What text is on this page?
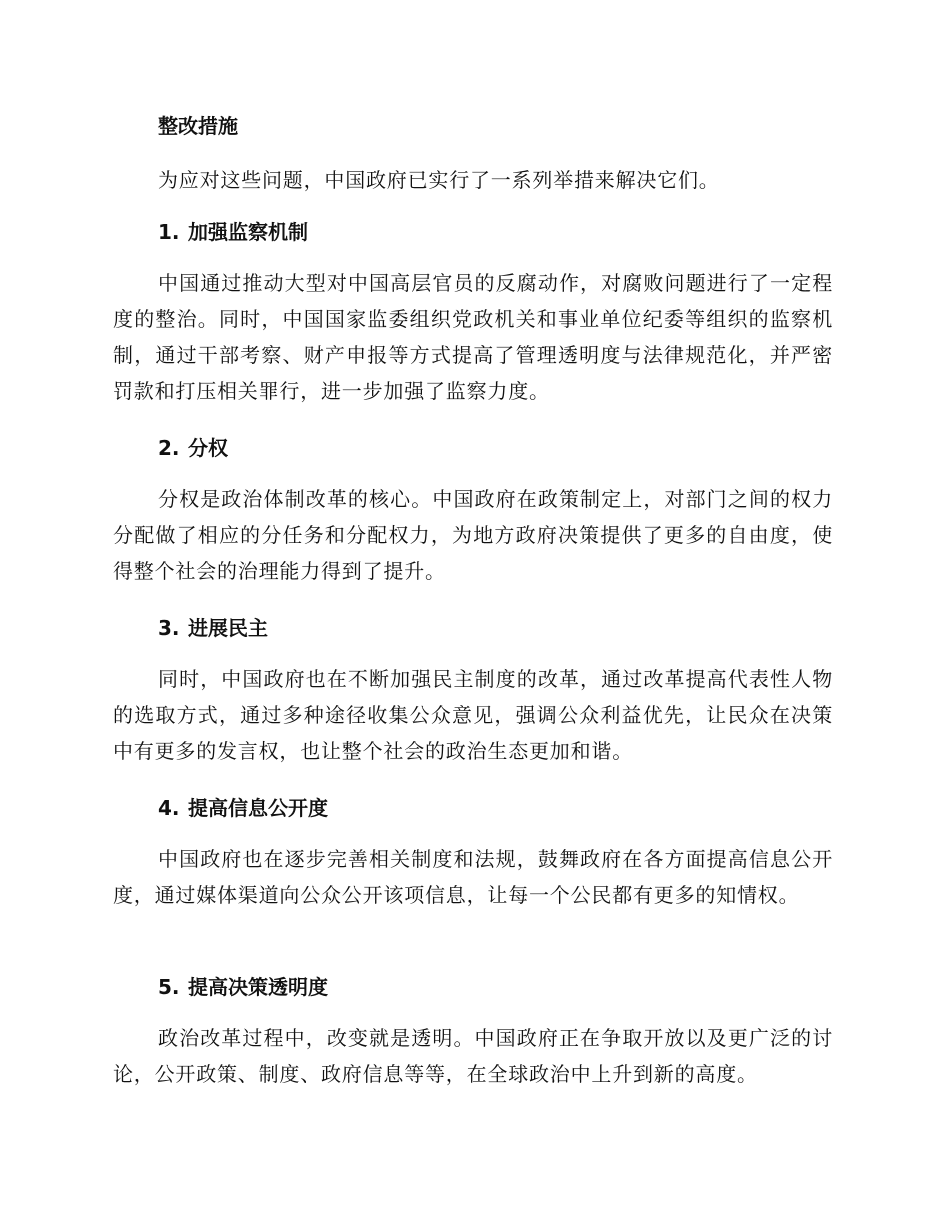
整改措施

为应对这些问题，中国政府已实行了一系列举措来解决它们。

1. 加强监察机制

中国通过推动大型对中国高层官员的反腐动作，对腐败问题进行了一定程度的整治。同时，中国国家监委组织党政机关和事业单位纪委等组织的监察机制，通过干部考察、财产申报等方式提高了管理透明度与法律规范化，并严密罚款和打压相关罪行，进一步加强了监察力度。

2. 分权

分权是政治体制改革的核心。中国政府在政策制定上，对部门之间的权力分配做了相应的分任务和分配权力，为地方政府决策提供了更多的自由度，使得整个社会的治理能力得到了提升。

3. 进展民主

同时，中国政府也在不断加强民主制度的改革，通过改革提高代表性人物的选取方式，通过多种途径收集公众意见，强调公众利益优先，让民众在决策中有更多的发言权，也让整个社会的政治生态更加和谐。

4. 提高信息公开度

中国政府也在逐步完善相关制度和法规，鼓舞政府在各方面提高信息公开度，通过媒体渠道向公众公开该项信息，让每一个公民都有更多的知情权。

5. 提高决策透明度

政治改革过程中，改变就是透明。中国政府正在争取开放以及更广泛的讨论，公开政策、制度、政府信息等等，在全球政治中上升到新的高度。
